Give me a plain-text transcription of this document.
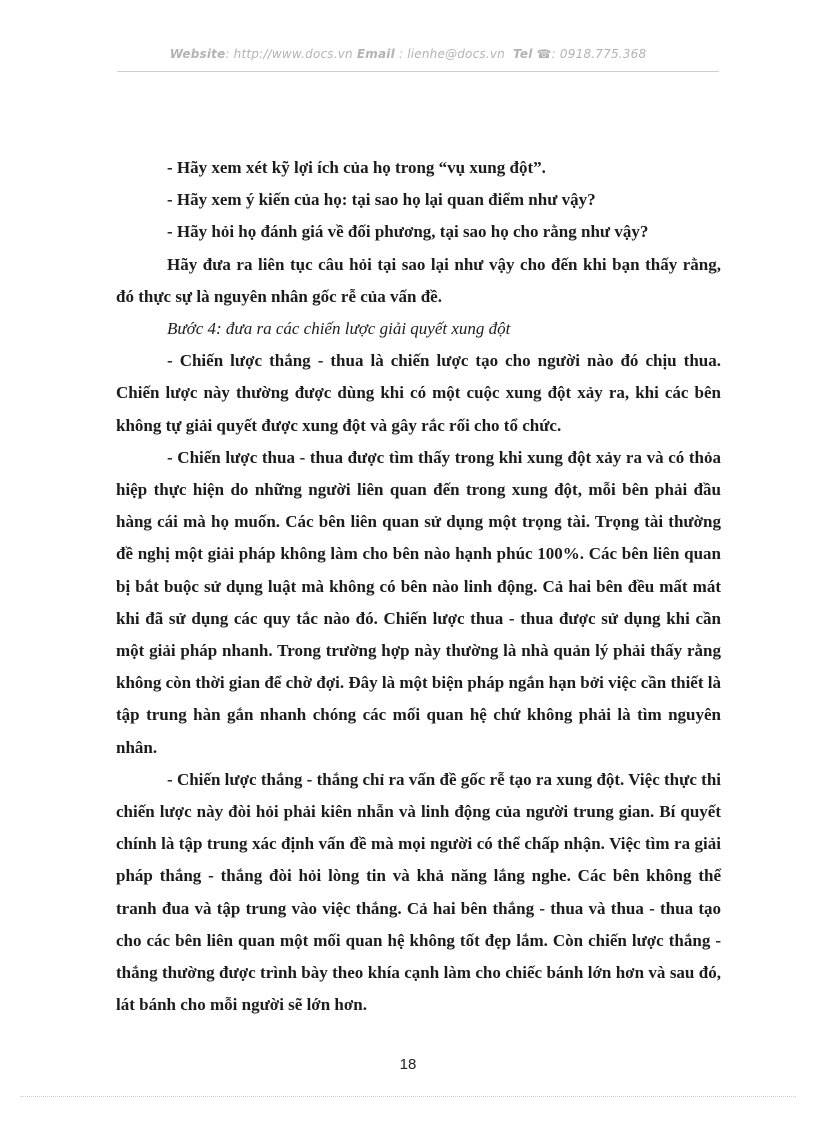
Website: http://www.docs.vn Email : lienhe@docs.vn Tel ☎: 0918.775.368

- Hãy xem xét kỹ lợi ích của họ trong “vụ xung đột”.

- Hãy xem ý kiến của họ: tại sao họ lại quan điểm như vậy?

- Hãy hỏi họ đánh giá về đối phương, tại sao họ cho rằng như vậy?

Hãy đưa ra liên tục câu hỏi tại sao lại như vậy cho đến khi bạn thấy rằng, đó thực sự là nguyên nhân gốc rễ của vấn đề.

Bước 4: đưa ra các chiến lược giải quyết xung đột

- Chiến lược thắng - thua là chiến lược tạo cho người nào đó chịu thua. Chiến lược này thường được dùng khi có một cuộc xung đột xảy ra, khi các bên không tự giải quyết được xung đột và gây rắc rối cho tổ chức.

- Chiến lược thua - thua được tìm thấy trong khi xung đột xảy ra và có thỏa hiệp thực hiện do những người liên quan đến trong xung đột, mỗi bên phải đầu hàng cái mà họ muốn. Các bên liên quan sử dụng một trọng tài. Trọng tài thường đề nghị một giải pháp không làm cho bên nào hạnh phúc 100%. Các bên liên quan bị bắt buộc sử dụng luật mà không có bên nào linh động. Cả hai bên đều mất mát khi đã sử dụng các quy tắc nào đó. Chiến lược thua - thua được sử dụng khi cần một giải pháp nhanh. Trong trường hợp này thường là nhà quản lý phải thấy rằng không còn thời gian để chờ đợi. Đây là một biện pháp ngắn hạn bởi việc cần thiết là tập trung hàn gắn nhanh chóng các mối quan hệ chứ không phải là tìm nguyên nhân.

- Chiến lược thắng - thắng chỉ ra vấn đề gốc rễ tạo ra xung đột. Việc thực thi chiến lược này đòi hỏi phải kiên nhẫn và linh động của người trung gian. Bí quyết chính là tập trung xác định vấn đề mà mọi người có thể chấp nhận. Việc tìm ra giải pháp thắng - thắng đòi hỏi lòng tin và khả năng lắng nghe. Các bên không thể tranh đua và tập trung vào việc thắng. Cả hai bên thắng - thua và thua - thua tạo cho các bên liên quan một mối quan hệ không tốt đẹp lắm. Còn chiến lược thắng - thắng thường được trình bày theo khía cạnh làm cho chiếc bánh lớn hơn và sau đó, lát bánh cho mỗi người sẽ lớn hơn.

18
